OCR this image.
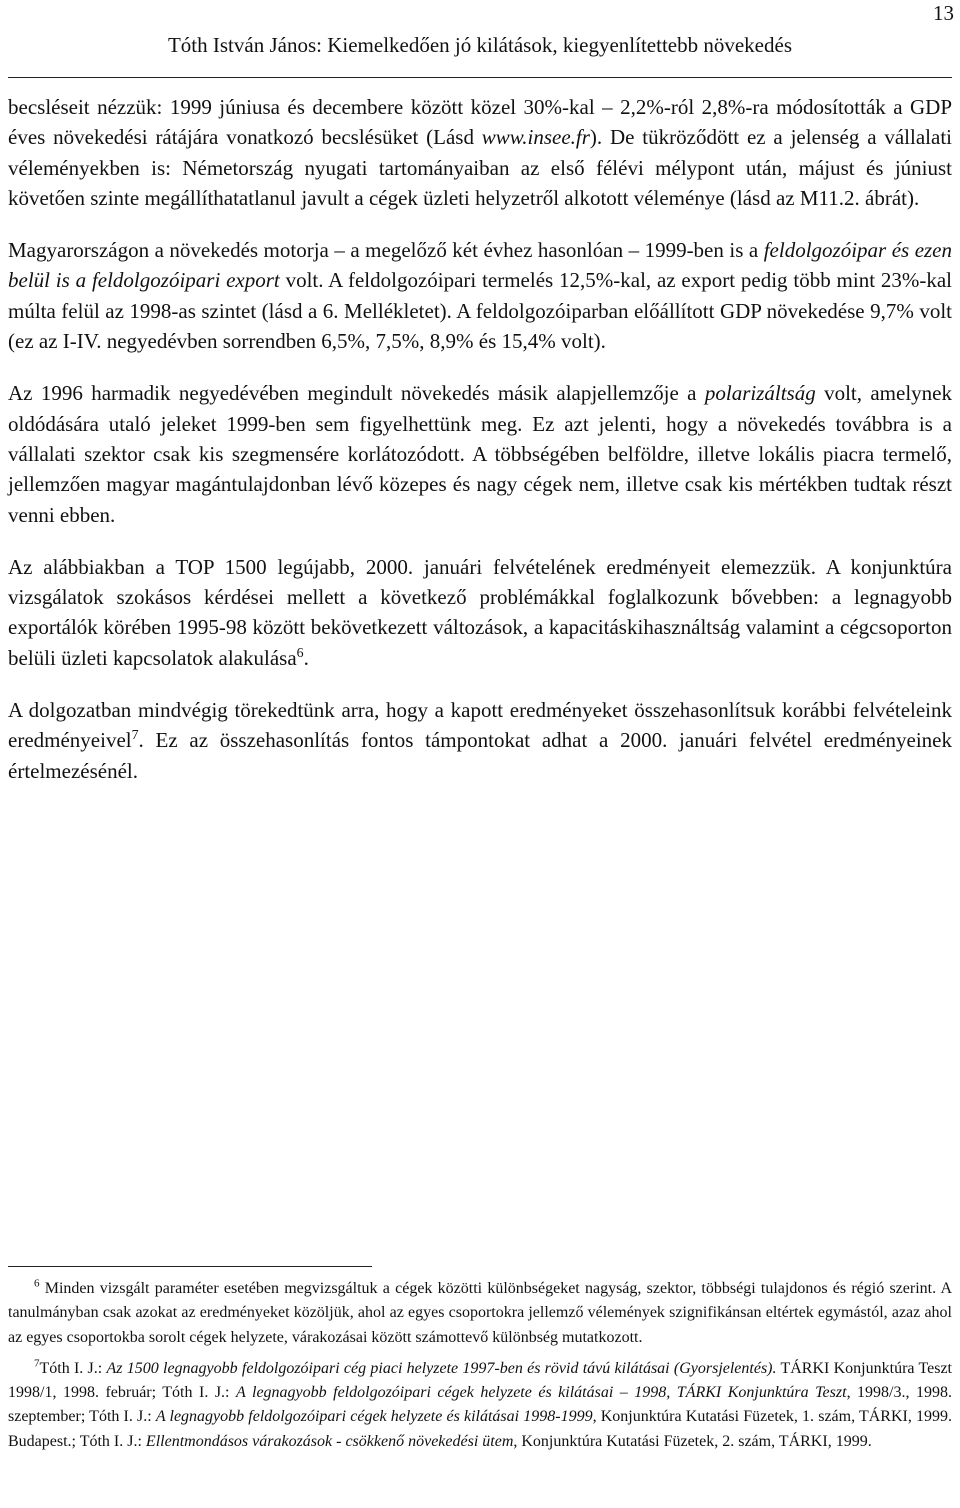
Tóth István János: Kiemelkedően jó kilátások, kiegyenlítettebb növekedés
13

becsléseit nézzük: 1999 júniusa és decembere között közel 30%-kal – 2,2%-ról 2,8%-ra módosították a GDP éves növekedési rátájára vonatkozó becslésüket (Lásd www.insee.fr). De tükröződött ez a jelenség a vállalati véleményekben is: Németország nyugati tartományaiban az első félévi mélypont után, májust és júniust követően szinte megállíthatatlanul javult a cégek üzleti helyzetről alkotott véleménye (lásd az M11.2. ábrát).

Magyarországon a növekedés motorja – a megelőző két évhez hasonlóan – 1999-ben is a feldolgozóipar és ezen belül is a feldolgozóipari export volt. A feldolgozóipari termelés 12,5%-kal, az export pedig több mint 23%-kal múlta felül az 1998-as szintet (lásd a 6. Mellékletet). A feldolgozóiparban előállított GDP növekedése 9,7% volt (ez az I-IV. negyedévben sorrendben 6,5%, 7,5%, 8,9% és 15,4% volt).

Az 1996 harmadik negyedévében megindult növekedés másik alapjellemzője a polarizáltság volt, amelynek oldódására utaló jeleket 1999-ben sem figyelhettünk meg. Ez azt jelenti, hogy a növekedés továbbra is a vállalati szektor csak kis szegmensére korlátozódott. A többségében belföldre, illetve lokális piacra termelő, jellemzően magyar magántulajdonban lévő közepes és nagy cégek nem, illetve csak kis mértékben tudtak részt venni ebben.

Az alábbiakban a TOP 1500 legújabb, 2000. januári felvételének eredményeit elemezzük. A konjunktúra vizsgálatok szokásos kérdései mellett a következő problémákkal foglalkozunk bővebben: a legnagyobb exportálók körében 1995-98 között bekövetkezett változások, a kapacitáskihasználtság valamint a cégcsoporton belüli üzleti kapcsolatok alakulása$^6$.

A dolgozatban mindvégig törekedtünk arra, hogy a kapott eredményeket összehasonlítsuk korábbi felvételeink eredményeivel$^7$. Ez az összehasonlítás fontos támpontokat adhat a 2000. januári felvétel eredményeinek értelmezésénél.

$^6$ Minden vizsgált paraméter esetében megvizsgáltuk a cégek közötti különbségeket nagyság, szektor, többségi tulajdonos és régió szerint. A tanulmányban csak azokat az eredményeket közöljük, ahol az egyes csoportokra jellemző vélemények szignifikánsan eltértek egymástól, azaz ahol az egyes csoportokba sorolt cégek helyzete, várakozásai között számottevő különbség mutatkozott.

$^7$Tóth I. J.: Az 1500 legnagyobb feldolgozóipari cég piaci helyzete 1997-ben és rövid távú kilátásai (Gyorsjelentés). TÁRKI Konjunktúra Teszt 1998/1, 1998. február; Tóth I. J.: A legnagyobb feldolgozóipari cégek helyzete és kilátásai – 1998, TÁRKI Konjunktúra Teszt, 1998/3., 1998. szeptember; Tóth I. J.: A legnagyobb feldolgozóipari cégek helyzete és kilátásai 1998-1999, Konjunktúra Kutatási Füzetek, 1. szám, TÁRKI, 1999. Budapest.; Tóth I. J.: Ellentmondásos várakozások - csökkenő növekedési ütem, Konjunktúra Kutatási Füzetek, 2. szám, TÁRKI, 1999.
